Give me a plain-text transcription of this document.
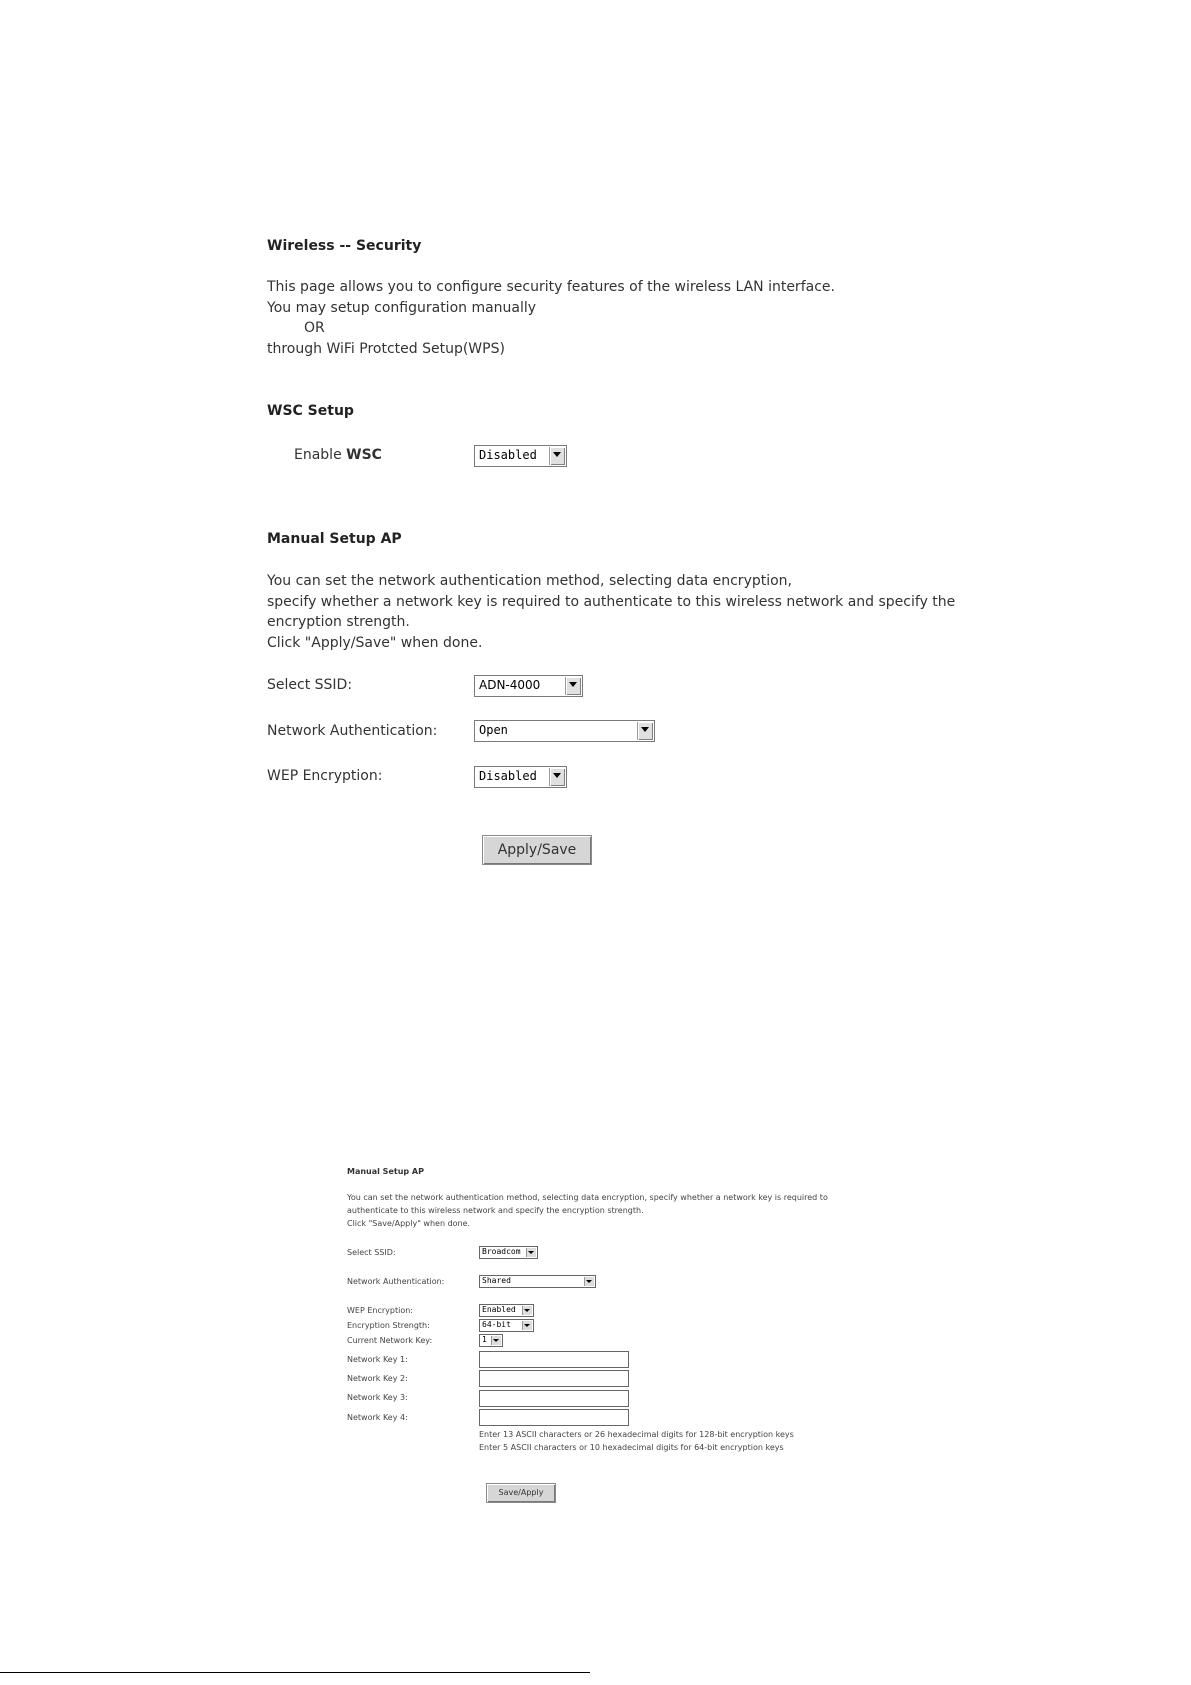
Wireless -- Security
This page allows you to configure security features of the wireless LAN interface.
You may setup configuration manually
OR
through WiFi Protcted Setup(WPS)
WSC Setup
Enable WSC	Disabled
Manual Setup AP
You can set the network authentication method, selecting data encryption,
specify whether a network key is required to authenticate to this wireless network and specify the
encryption strength.
Click "Apply/Save" when done.
Select SSID:	ADN-4000
Network Authentication:	Open
WEP Encryption:	Disabled
Apply/Save
Manual Setup AP
You can set the network authentication method, selecting data encryption, specify whether a network key is required to
authenticate to this wireless network and specify the encryption strength.
Click "Save/Apply" when done.
Select SSID:	Broadcom
Network Authentication:	Shared
WEP Encryption:	Enabled
Encryption Strength:	64-bit
Current Network Key:	1
Network Key 1:
Network Key 2:
Network Key 3:
Network Key 4:
Enter 13 ASCII characters or 26 hexadecimal digits for 128-bit encryption keys
Enter 5 ASCII characters or 10 hexadecimal digits for 64-bit encryption keys
Save/Apply
